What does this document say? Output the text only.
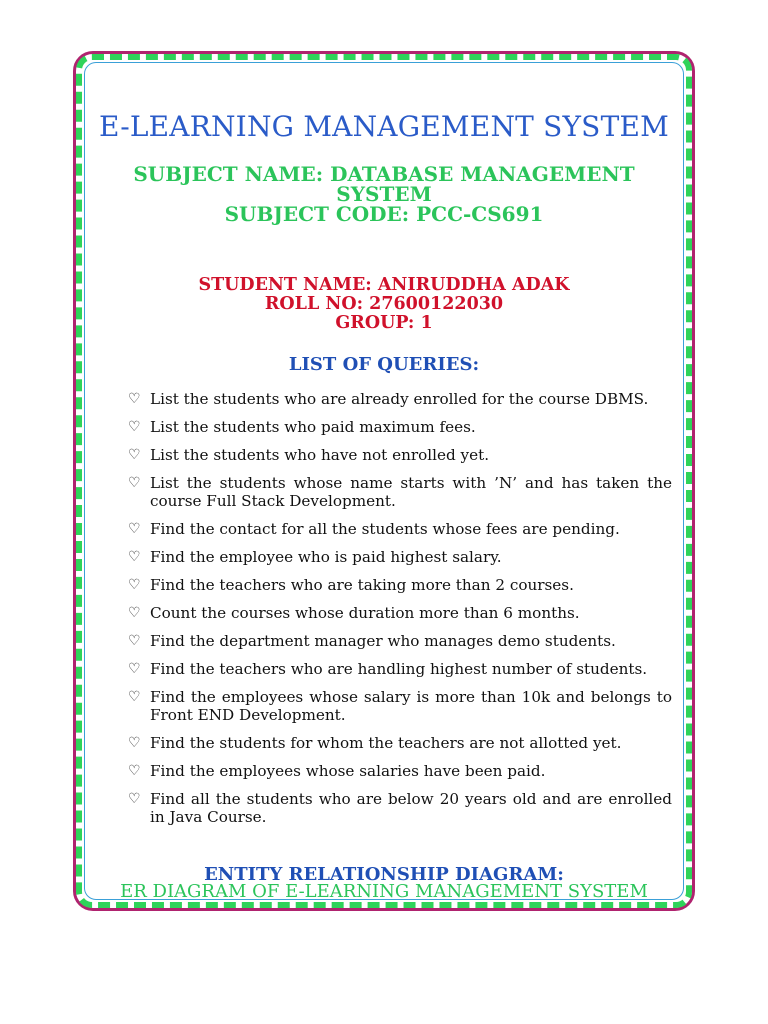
E-LEARNING MANAGEMENT SYSTEM
SUBJECT NAME: DATABASE MANAGEMENT SYSTEM
SUBJECT CODE: PCC-CS691
STUDENT NAME: ANIRUDDHA ADAK
ROLL NO: 27600122030
GROUP: 1
LIST OF QUERIES:
♡ List the students who are already enrolled for the course DBMS.
♡ List the students who paid maximum fees.
♡ List the students who have not enrolled yet.
♡ List the students whose name starts with ’N’ and has taken the course Full Stack Development.
♡ Find the contact for all the students whose fees are pending.
♡ Find the employee who is paid highest salary.
♡ Find the teachers who are taking more than 2 courses.
♡ Count the courses whose duration more than 6 months.
♡ Find the department manager who manages demo students.
♡ Find the teachers who are handling highest number of students.
♡ Find the employees whose salary is more than 10k and belongs to Front END Development.
♡ Find the students for whom the teachers are not allotted yet.
♡ Find the employees whose salaries have been paid.
♡ Find all the students who are below 20 years old and are enrolled in Java Course.
ENTITY RELATIONSHIP DIAGRAM:
ER DIAGRAM OF E-LEARNING MANAGEMENT SYSTEM
